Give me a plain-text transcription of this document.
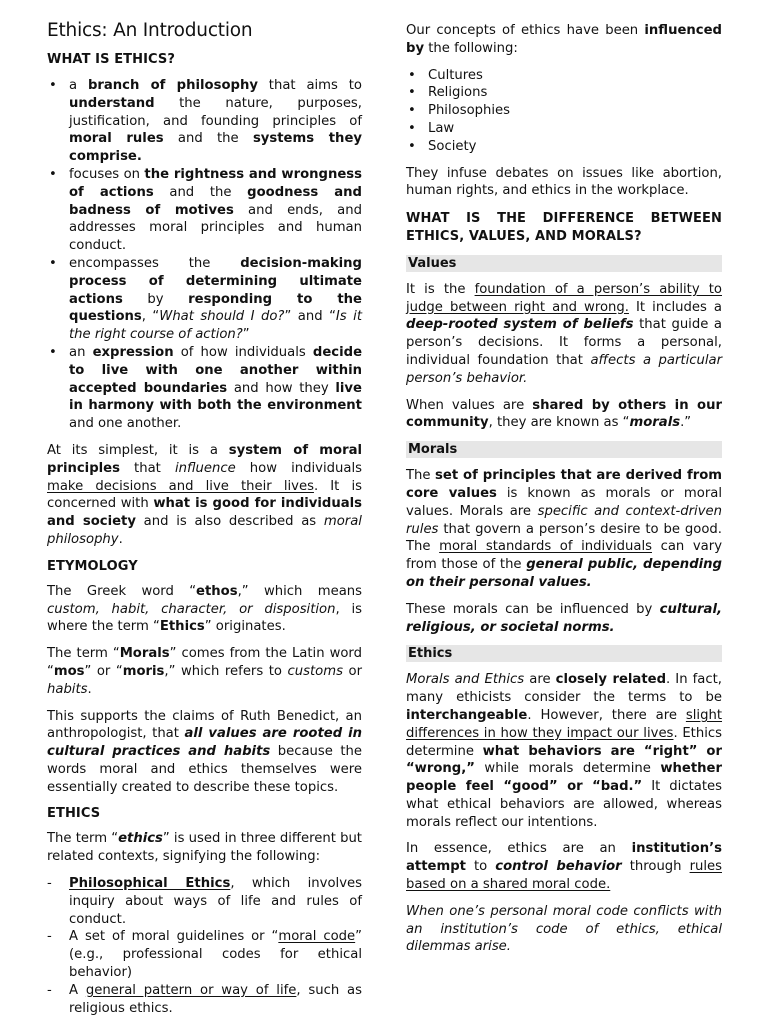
Ethics: An Introduction
WHAT IS ETHICS?
• a branch of philosophy that aims to understand the nature, purposes, justification, and founding principles of moral rules and the systems they comprise.
• focuses on the rightness and wrongness of actions and the goodness and badness of motives and ends, and addresses moral principles and human conduct.
• encompasses the decision-making process of determining ultimate actions by responding to the questions, “What should I do?” and “Is it the right course of action?”
• an expression of how individuals decide to live with one another within accepted boundaries and how they live in harmony with both the environment and one another.

At its simplest, it is a system of moral principles that influence how individuals make decisions and live their lives. It is concerned with what is good for individuals and society and is also described as moral philosophy.

ETYMOLOGY

The Greek word “ethos,” which means custom, habit, character, or disposition, is where the term “Ethics” originates.

The term “Morals” comes from the Latin word “mos” or “moris,” which refers to customs or habits.

This supports the claims of Ruth Benedict, an anthropologist, that all values are rooted in cultural practices and habits because the words moral and ethics themselves were essentially created to describe these topics.

ETHICS

The term “ethics” is used in three different but related contexts, signifying the following:

- Philosophical Ethics, which involves inquiry about ways of life and rules of conduct.
- A set of moral guidelines or “moral code” (e.g., professional codes for ethical behavior)
- A general pattern or way of life, such as religious ethics.

Our concepts of ethics have been influenced by the following:

• Cultures
• Religions
• Philosophies
• Law
• Society

They infuse debates on issues like abortion, human rights, and ethics in the workplace.

WHAT IS THE DIFFERENCE BETWEEN ETHICS, VALUES, AND MORALS?
Values

It is the foundation of a person’s ability to judge between right and wrong. It includes a deep-rooted system of beliefs that guide a person’s decisions. It forms a personal, individual foundation that affects a particular person’s behavior.

When values are shared by others in our community, they are known as “morals.”

Morals

The set of principles that are derived from core values is known as morals or moral values. Morals are specific and context-driven rules that govern a person’s desire to be good. The moral standards of individuals can vary from those of the general public, depending on their personal values.

These morals can be influenced by cultural, religious, or societal norms.

Ethics

Morals and Ethics are closely related. In fact, many ethicists consider the terms to be interchangeable. However, there are slight differences in how they impact our lives. Ethics determine what behaviors are “right” or “wrong,” while morals determine whether people feel “good” or “bad.” It dictates what ethical behaviors are allowed, whereas morals reflect our intentions.

In essence, ethics are an institution’s attempt to control behavior through rules based on a shared moral code.

When one’s personal moral code conflicts with an institution’s code of ethics, ethical dilemmas arise.
